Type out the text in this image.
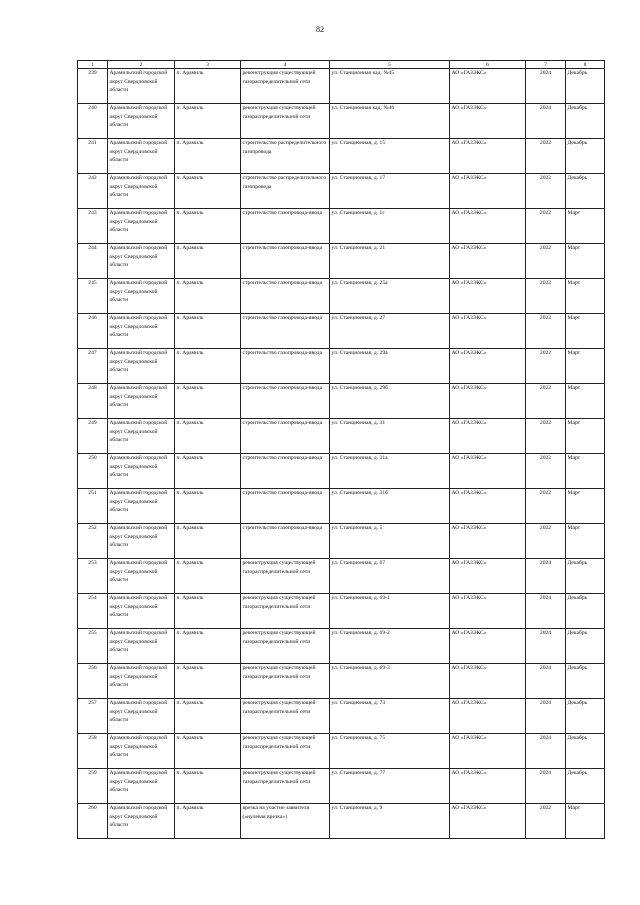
82
1	2	3	4	5	6	7	8
239	Арамильский городской округ Свердловской области	п. Арамиль	реконструкция существующей газораспределительной сети	ул. Станционная кад. №45	АО «ГАЗЭКС»	2024	Декабрь
240	Арамильский городской округ Свердловской области	п. Арамиль	реконструкция существующей газораспределительной сети	ул. Станционная кад. №46	АО «ГАЗЭКС»	2024	Декабрь
241	Арамильский городской округ Свердловской области	п. Арамиль	строительство распределительного газопровода	ул. Станционная, д. 15	АО «ГАЗЭКС»	2022	Декабрь
242	Арамильский городской округ Свердловской области	п. Арамиль	строительство распределительного газопровода	ул. Станционная, д. 17	АО «ГАЗЭКС»	2022	Декабрь
243	Арамильский городской округ Свердловской области	п. Арамиль	строительство газопровода-ввода	ул. Станционная, д. 1г	АО «ГАЗЭКС»	2022	Март
244	Арамильский городской округ Свердловской области	п. Арамиль	строительство газопровода-ввода	ул. Станционная, д. 21	АО «ГАЗЭКС»	2022	Март
245	Арамильский городской округ Свердловской области	п. Арамиль	строительство газопровода-ввода	ул. Станционная, д. 25а	АО «ГАЗЭКС»	2022	Март
246	Арамильский городской округ Свердловской области	п. Арамиль	строительство газопровода-ввода	ул. Станционная, д. 27	АО «ГАЗЭКС»	2022	Март
247	Арамильский городской округ Свердловской области	п. Арамиль	строительство газопровода-ввода	ул. Станционная, д. 29а	АО «ГАЗЭКС»	2022	Март
248	Арамильский городской округ Свердловской области	п. Арамиль	строительство газопровода-ввода	ул. Станционная, д. 29б	АО «ГАЗЭКС»	2022	Март
249	Арамильский городской округ Свердловской области	п. Арамиль	строительство газопровода-ввода	ул. Станционная, д. 31	АО «ГАЗЭКС»	2022	Март
250	Арамильский городской округ Свердловской области	п. Арамиль	строительство газопровода-ввода	ул. Станционная, д. 31а	АО «ГАЗЭКС»	2022	Март
251	Арамильский городской округ Свердловской области	п. Арамиль	строительство газопровода-ввода	ул. Станционная, д. 31б	АО «ГАЗЭКС»	2022	Март
252	Арамильский городской округ Свердловской области	п. Арамиль	строительство газопровода-ввода	ул. Станционная, д. 5	АО «ГАЗЭКС»	2022	Март
253	Арамильский городской округ Свердловской области	п. Арамиль	реконструкция существующей газораспределительной сети	ул. Станционная, д. 67	АО «ГАЗЭКС»	2024	Декабрь
254	Арамильский городской округ Свердловской области	п. Арамиль	реконструкция существующей газораспределительной сети	ул. Станционная, д. 69-1	АО «ГАЗЭКС»	2024	Декабрь
255	Арамильский городской округ Свердловской области	п. Арамиль	реконструкция существующей газораспределительной сети	ул. Станционная, д. 69-2	АО «ГАЗЭКС»	2024	Декабрь
256	Арамильский городской округ Свердловской области	п. Арамиль	реконструкция существующей газораспределительной сети	ул. Станционная, д. 69-3	АО «ГАЗЭКС»	2024	Декабрь
257	Арамильский городской округ Свердловской области	п. Арамиль	реконструкция существующей газораспределительной сети	ул. Станционная, д. 73	АО «ГАЗЭКС»	2024	Декабрь
258	Арамильский городской округ Свердловской области	п. Арамиль	реконструкция существующей газораспределительной сети	ул. Станционная, д. 75	АО «ГАЗЭКС»	2024	Декабрь
259	Арамильский городской округ Свердловской области	п. Арамиль	реконструкция существующей газораспределительной сети	ул. Станционная, д. 77	АО «ГАЗЭКС»	2024	Декабрь
260	Арамильский городской округ Свердловской области	п. Арамиль	врезка на участие заявителя («нулевая врезка»)	ул. Станционная, д. 9	АО «ГАЗЭКС»	2022	Март
